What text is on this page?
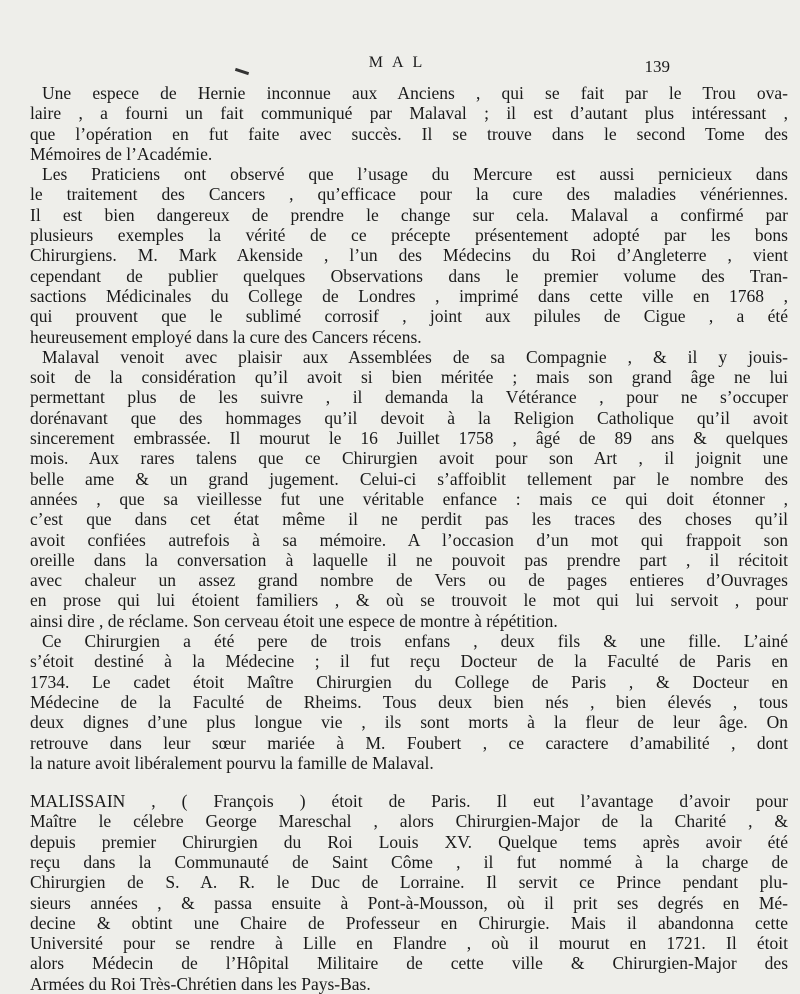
MAL	139
Une espece de Hernie inconnue aux Anciens , qui se fait par le Trou ova-
laire , a fourni un fait communiqué par Malaval ; il est d’autant plus intéressant ,
que l’opération en fut faite avec succès. Il se trouve dans le second Tome des
Mémoires de l’Académie.
Les Praticiens ont observé que l’usage du Mercure est aussi pernicieux dans
le traitement des Cancers , qu’efficace pour la cure des maladies vénériennes.
Il est bien dangereux de prendre le change sur cela. Malaval a confirmé par
plusieurs exemples la vérité de ce précepte présentement adopté par les bons
Chirurgiens. M. Mark Akenside , l’un des Médecins du Roi d’Angleterre , vient
cependant de publier quelques Observations dans le premier volume des Tran-
sactions Médicinales du College de Londres , imprimé dans cette ville en 1768 ,
qui prouvent que le sublimé corrosif , joint aux pilules de Cigue , a été
heureusement employé dans la cure des Cancers récens.
Malaval venoit avec plaisir aux Assemblées de sa Compagnie , & il y jouis-
soit de la considération qu’il avoit si bien méritée ; mais son grand âge ne lui
permettant plus de les suivre , il demanda la Vétérance , pour ne s’occuper
dorénavant que des hommages qu’il devoit à la Religion Catholique qu’il avoit
sincerement embrassée. Il mourut le 16 Juillet 1758 , âgé de 89 ans & quelques
mois. Aux rares talens que ce Chirurgien avoit pour son Art , il joignit une
belle ame & un grand jugement. Celui-ci s’affoiblit tellement par le nombre des
années , que sa vieillesse fut une véritable enfance : mais ce qui doit étonner ,
c’est que dans cet état même il ne perdit pas les traces des choses qu’il
avoit confiées autrefois à sa mémoire. A l’occasion d’un mot qui frappoit son
oreille dans la conversation à laquelle il ne pouvoit pas prendre part , il récitoit
avec chaleur un assez grand nombre de Vers ou de pages entieres d’Ouvrages
en prose qui lui étoient familiers , & où se trouvoit le mot qui lui servoit , pour
ainsi dire , de réclame. Son cerveau étoit une espece de montre à répétition.
Ce Chirurgien a été pere de trois enfans , deux fils & une fille. L’ainé
s’étoit destiné à la Médecine ; il fut reçu Docteur de la Faculté de Paris en
1734. Le cadet étoit Maître Chirurgien du College de Paris , & Docteur en
Médecine de la Faculté de Rheims. Tous deux bien nés , bien élevés , tous
deux dignes d’une plus longue vie , ils sont morts à la fleur de leur âge. On
retrouve dans leur sœur mariée à M. Foubert , ce caractere d’amabilité , dont
la nature avoit libéralement pourvu la famille de Malaval.
MALISSAIN , ( François ) étoit de Paris. Il eut l’avantage d’avoir pour
Maître le célebre George Mareschal , alors Chirurgien-Major de la Charité , &
depuis premier Chirurgien du Roi Louis XV. Quelque tems après avoir été
reçu dans la Communauté de Saint Côme , il fut nommé à la charge de
Chirurgien de S. A. R. le Duc de Lorraine. Il servit ce Prince pendant plu-
sieurs années , & passa ensuite à Pont-à-Mousson, où il prit ses degrés en Mé-
decine & obtint une Chaire de Professeur en Chirurgie. Mais il abandonna cette
Université pour se rendre à Lille en Flandre , où il mourut en 1721. Il étoit
alors Médecin de l’Hôpital Militaire de cette ville & Chirurgien-Major des
Armées du Roi Très-Chrétien dans les Pays-Bas.
